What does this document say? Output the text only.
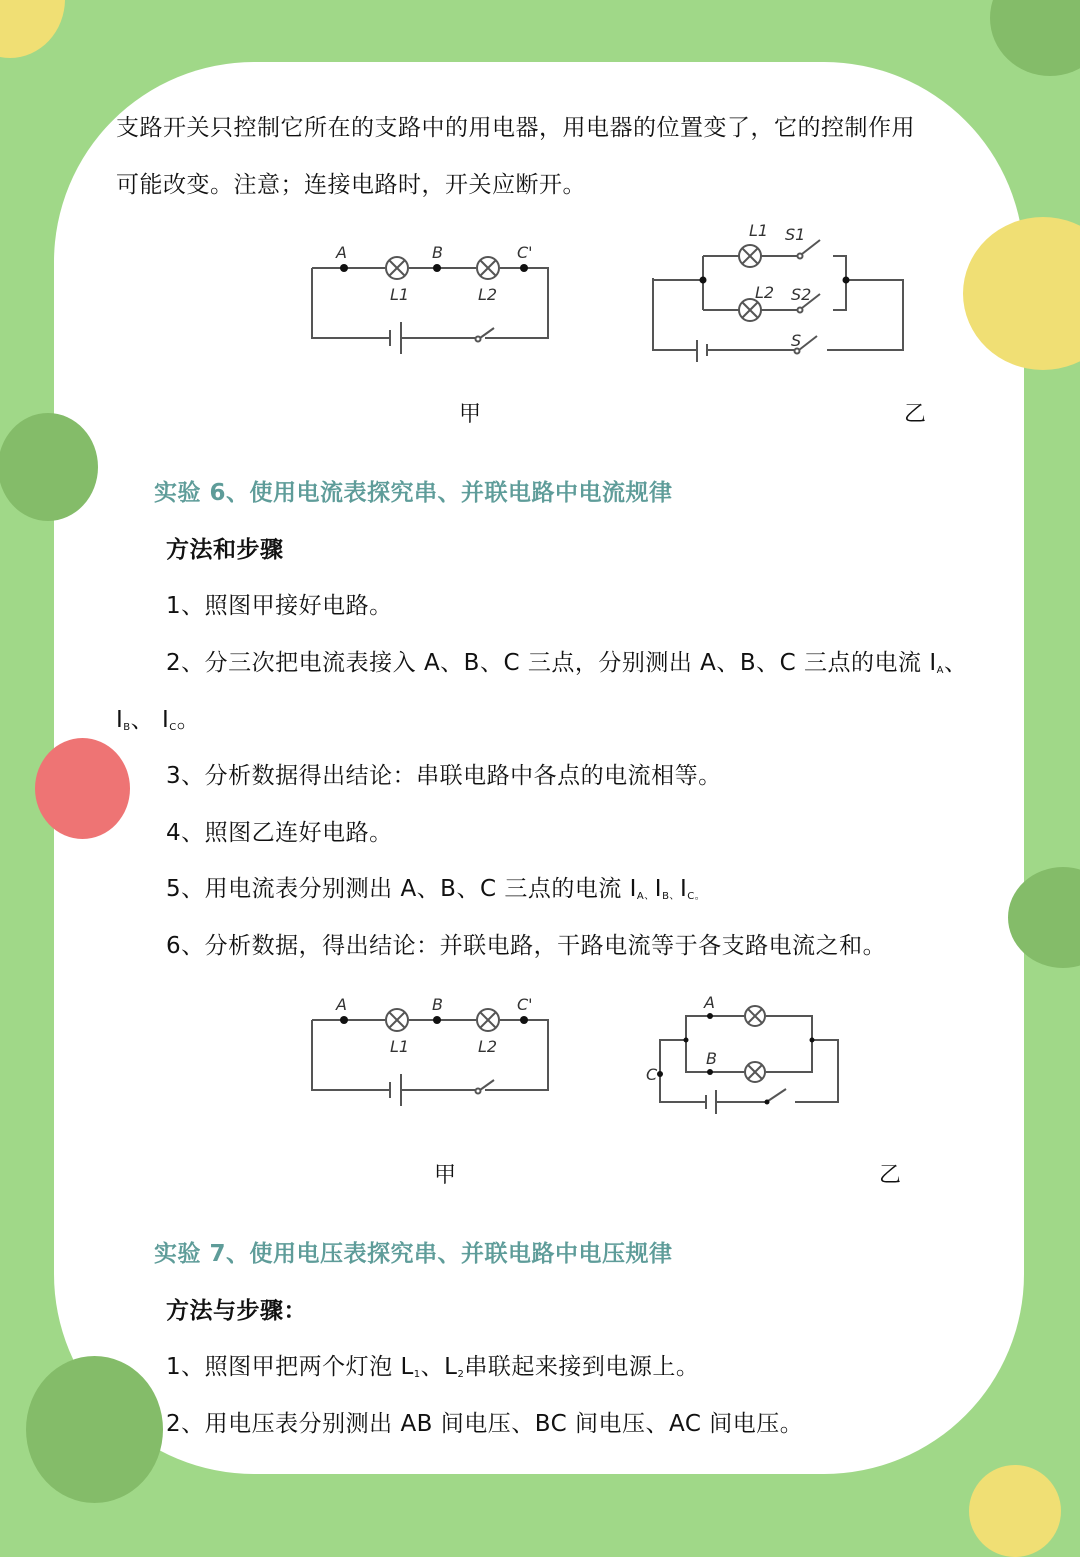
支路开关只控制它所在的支路中的用电器，用电器的位置变了，它的控制作用
可能改变。注意；连接电路时，开关应断开。
A	B	C'
L1	L2
L1 S1
L2 S2
S
甲	乙
实验 6、使用电流表探究串、并联电路中电流规律
方法和步骤
1、照图甲接好电路。
2、分三次把电流表接入 A、B、C 三点，分别测出 A、B、C 三点的电流 $I_A$、
$I_B$、 $I_C$。
3、分析数据得出结论：串联电路中各点的电流相等。
4、照图乙连好电路。
5、用电流表分别测出 A、B、C 三点的电流 $I_{A、}I_{B、}I_{C。}$
6、分析数据，得出结论：并联电路，干路电流等于各支路电流之和。
A	B	C'
L1	L2
A
B
C
甲	乙
实验 7、使用电压表探究串、并联电路中电压规律
方法与步骤：
1、照图甲把两个灯泡 $L_1$、$L_2$串联起来接到电源上。
2、用电压表分别测出 AB 间电压、BC 间电压、AC 间电压。
